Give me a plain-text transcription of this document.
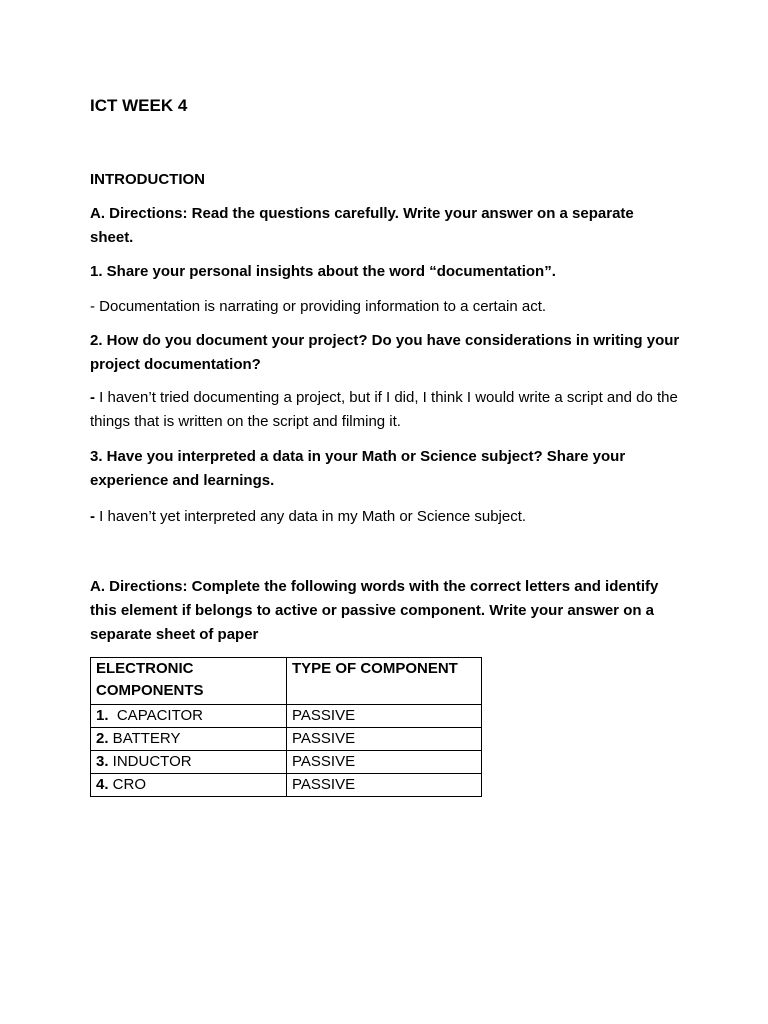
ICT WEEK 4

INTRODUCTION

A. Directions: Read the questions carefully. Write your answer on a separate sheet.

1. Share your personal insights about the word “documentation”.

- Documentation is narrating or providing information to a certain act.

2. How do you document your project? Do you have considerations in writing your project documentation?

- I haven’t tried documenting a project, but if I did, I think I would write a script and do the things that is written on the script and filming it.

3. Have you interpreted a data in your Math or Science subject? Share your experience and learnings.

- I haven’t yet interpreted any data in my Math or Science subject.

A. Directions: Complete the following words with the correct letters and identify this element if belongs to active or passive component. Write your answer on a separate sheet of paper

ELECTRONIC COMPONENTS	TYPE OF COMPONENT
1.  CAPACITOR	PASSIVE
2. BATTERY	PASSIVE
3. INDUCTOR	PASSIVE
4. CRO	PASSIVE
